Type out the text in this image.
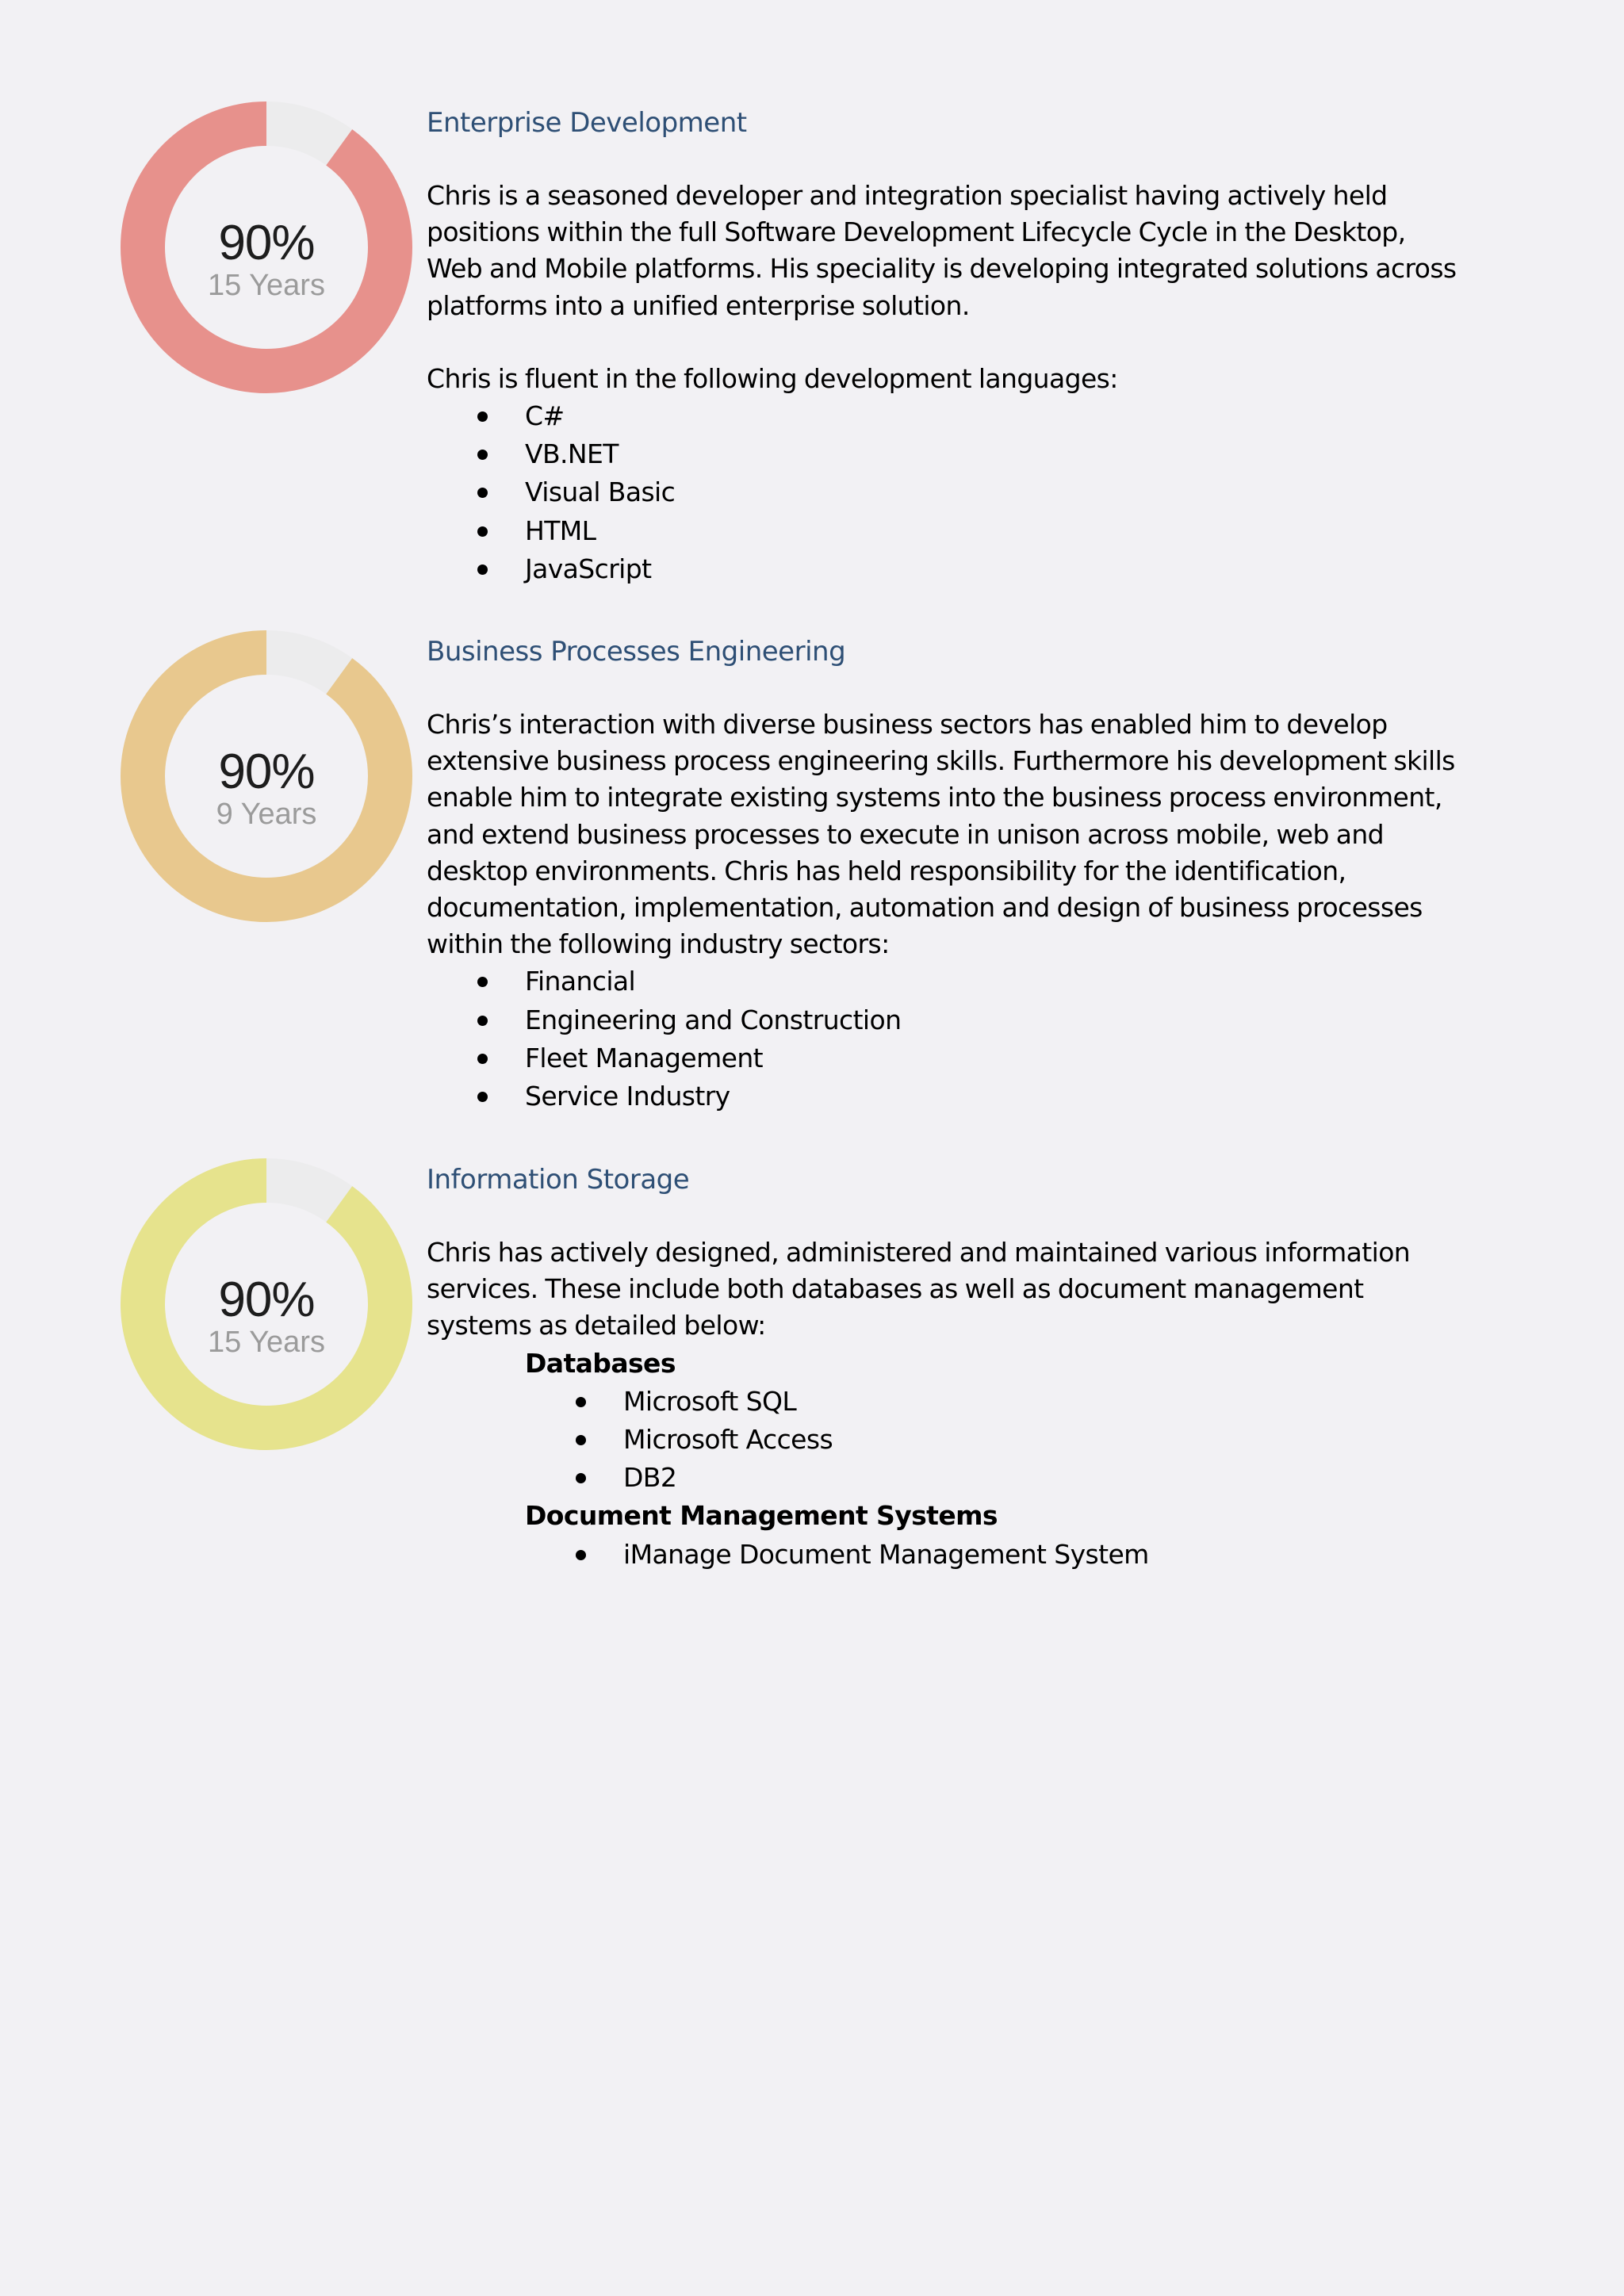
90%
15 Years
90%
9 Years
90%
15 Years
Enterprise Development

Chris is a seasoned developer and integration specialist having actively held positions within the full Software Development Lifecycle Cycle in the Desktop, Web and Mobile platforms. His speciality is developing integrated solutions across platforms into a unified enterprise solution.

Chris is fluent in the following development languages:

C#
VB.NET
Visual Basic
HTML
JavaScript
Business Processes Engineering

Chris’s interaction with diverse business sectors has enabled him to develop extensive business process engineering skills. Furthermore his development skills enable him to integrate existing systems into the business process environment, and extend business processes to execute in unison across mobile, web and desktop environments. Chris has held responsibility for the identification, documentation, implementation, automation and design of business processes within the following industry sectors:

Financial
Engineering and Construction
Fleet Management
Service Industry
Information Storage

Chris has actively designed, administered and maintained various information services. These include both databases as well as document management systems as detailed below:

Databases
Microsoft SQL
Microsoft Access
DB2
Document Management Systems
iManage Document Management System
